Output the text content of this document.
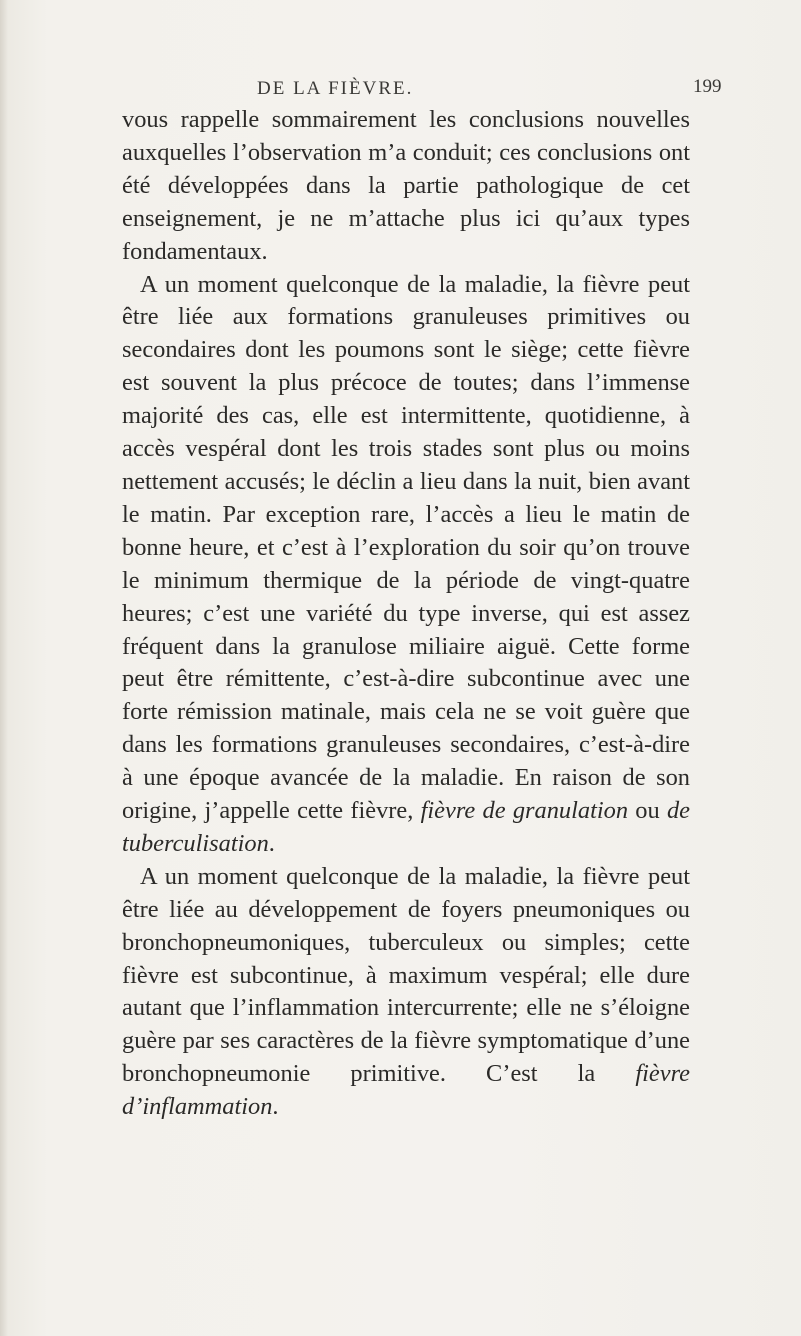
DE LA FIÈVRE.	199

vous rappelle sommairement les conclusions nouvelles auxquelles l’observation m’a conduit; ces conclusions ont été développées dans la partie pathologique de cet enseignement, je ne m’attache plus ici qu’aux types fondamentaux.

A un moment quelconque de la maladie, la fièvre peut être liée aux formations granuleuses primitives ou secondaires dont les poumons sont le siège; cette fièvre est souvent la plus précoce de toutes; dans l’immense majorité des cas, elle est intermittente, quotidienne, à accès vespéral dont les trois stades sont plus ou moins nettement accusés; le déclin a lieu dans la nuit, bien avant le matin. Par exception rare, l’accès a lieu le matin de bonne heure, et c’est à l’exploration du soir qu’on trouve le minimum thermique de la période de vingt-quatre heures; c’est une variété du type inverse, qui est assez fréquent dans la granulose miliaire aiguë. Cette forme peut être rémittente, c’est-à-dire subcontinue avec une forte rémission matinale, mais cela ne se voit guère que dans les formations granuleuses secondaires, c’est-à-dire à une époque avancée de la maladie. En raison de son origine, j’appelle cette fièvre, fièvre de granulation ou de tuberculisation.

A un moment quelconque de la maladie, la fièvre peut être liée au développement de foyers pneumoniques ou bronchopneumoniques, tuberculeux ou simples; cette fièvre est subcontinue, à maximum vespéral; elle dure autant que l’inflammation intercurrente; elle ne s’éloigne guère par ses caractères de la fièvre symptomatique d’une bronchopneumonie primitive. C’est la fièvre d’inflammation.
